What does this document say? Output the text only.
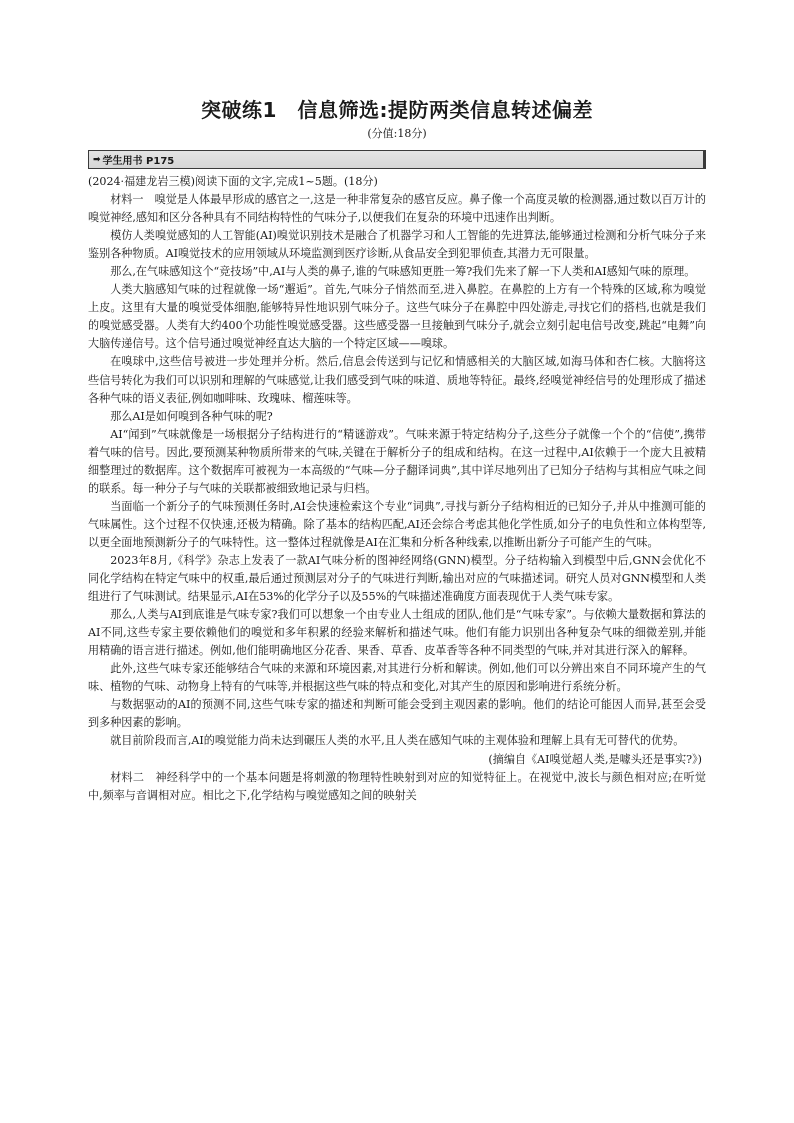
突破练1　信息筛选:提防两类信息转述偏差
(分值:18分)
➡ 学生用书 P175

(2024·福建龙岩三模)阅读下面的文字,完成1~5题。(18分)

材料一　 嗅觉是人体最早形成的感官之一,这是一种非常复杂的感官反应。鼻子像一个高度灵敏的检测器,通过数以百万计的嗅觉神经,感知和区分各种具有不同结构特性的气味分子,以便我们在复杂的环境中迅速作出判断。

模仿人类嗅觉感知的人工智能(AI)嗅觉识别技术是融合了机器学习和人工智能的先进算法,能够通过检测和分析气味分子来鉴别各种物质。AI嗅觉技术的应用领域从环境监测到医疗诊断,从食品安全到犯罪侦查,其潜力无可限量。

那么,在气味感知这个“竞技场”中,AI与人类的鼻子,谁的气味感知更胜一筹?我们先来了解一下人类和AI感知气味的原理。

人类大脑感知气味的过程就像一场“邂逅”。首先,气味分子悄然而至,进入鼻腔。在鼻腔的上方有一个特殊的区域,称为嗅觉上皮。这里有大量的嗅觉受体细胞,能够特异性地识别气味分子。这些气味分子在鼻腔中四处游走,寻找它们的搭档,也就是我们的嗅觉感受器。人类有大约400个功能性嗅觉感受器。这些感受器一旦接触到气味分子,就会立刻引起电信号改变,跳起“电舞”向大脑传递信号。这个信号通过嗅觉神经直达大脑的一个特定区域——嗅球。

在嗅球中,这些信号被进一步处理并分析。然后,信息会传送到与记忆和情感相关的大脑区域,如海马体和杏仁核。大脑将这些信号转化为我们可以识别和理解的气味感觉,让我们感受到气味的味道、质地等特征。最终,经嗅觉神经信号的处理形成了描述各种气味的语义表征,例如咖啡味、玫瑰味、榴莲味等。

那么AI是如何嗅到各种气味的呢?

AI“闻到”气味就像是一场根据分子结构进行的“精谜游戏”。气味来源于特定结构分子,这些分子就像一个个的“信使”,携带着气味的信号。因此,要预测某种物质所带来的气味,关键在于解析分子的组成和结构。在这一过程中,AI依赖于一个庞大且被精细整理过的数据库。这个数据库可被视为一本高级的“气味—分子翻译词典”,其中详尽地列出了已知分子结构与其相应气味之间的联系。每一种分子与气味的关联都被细致地记录与归档。

当面临一个新分子的气味预测任务时,AI会快速检索这个专业“词典”,寻找与新分子结构相近的已知分子,并从中推测可能的气味属性。这个过程不仅快速,还极为精确。除了基本的结构匹配,AI还会综合考虑其他化学性质,如分子的电负性和立体构型等,以更全面地预测新分子的气味特性。这一整体过程就像是AI在汇集和分析各种线索,以推断出新分子可能产生的气味。

2023年8月,《科学》杂志上发表了一款AI气味分析的图神经网络(GNN)模型。分子结构输入到模型中后,GNN会优化不同化学结构在特定气味中的权重,最后通过预测层对分子的气味进行判断,输出对应的气味描述词。研究人员对GNN模型和人类组进行了气味测试。结果显示,AI在53%的化学分子以及55%的气味描述准确度方面表现优于人类气味专家。

那么,人类与AI到底谁是气味专家?我们可以想象一个由专业人士组成的团队,他们是“气味专家”。与依赖大量数据和算法的AI不同,这些专家主要依赖他们的嗅觉和多年积累的经验来解析和描述气味。他们有能力识别出各种复杂气味的细微差别,并能用精确的语言进行描述。例如,他们能明确地区分花香、果香、草香、皮革香等各种不同类型的气味,并对其进行深入的解释。

此外,这些气味专家还能够结合气味的来源和环境因素,对其进行分析和解读。例如,他们可以分辨出來自不同环境产生的气味、植物的气味、动物身上特有的气味等,并根据这些气味的特点和变化,对其产生的原因和影响进行系统分析。

与数据驱动的AI的预测不同,这些气味专家的描述和判断可能会受到主观因素的影响。他们的结论可能因人而异,甚至会受到多种因素的影响。

就目前阶段而言,AI的嗅觉能力尚未达到碾压人类的水平,且人类在感知气味的主观体验和理解上具有无可替代的优势。

(摘编自《AI嗅觉超人类,是噱头还是事实?》)

材料二　 神经科学中的一个基本问题是将刺激的物理特性映射到对应的知觉特征上。在视觉中,波长与颜色相对应;在听觉中,频率与音调相对应。相比之下,化学结构与嗅觉感知之间的映射关
